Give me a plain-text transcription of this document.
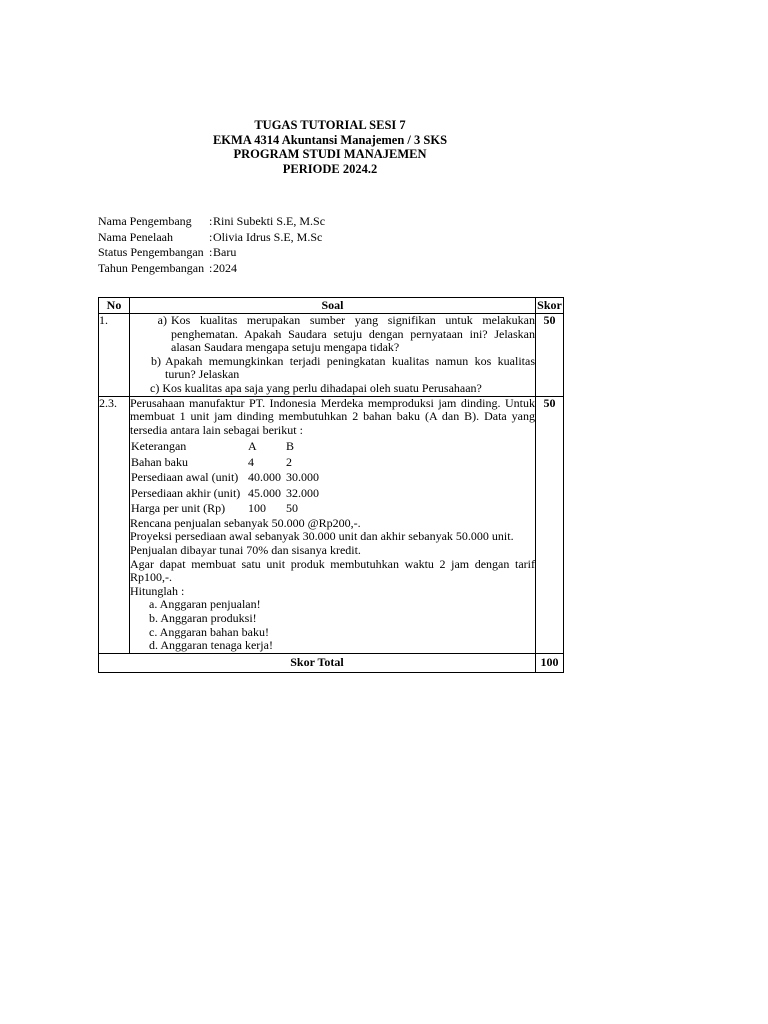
TUGAS TUTORIAL SESI 7
EKMA 4314 Akuntansi Manajemen / 3 SKS
PROGRAM STUDI MANAJEMEN
PERIODE 2024.2
Nama Pengembang	: Rini Subekti S.E, M.Sc
Nama Penelaah	: Olivia Idrus S.E, M.Sc
Status Pengembangan : Baru
Tahun Pengembangan : 2024
No	Soal	Skor
1.	a) Kos kualitas merupakan sumber yang signifikan untuk melakukan penghematan. Apakah Saudara setuju dengan pernyataan ini? Jelaskan alasan Saudara mengapa setuju mengapa tidak?
b) Apakah memungkinkan terjadi peningkatan kualitas namun kos kualitas turun? Jelaskan
c) Kos kualitas apa saja yang perlu dihadapai oleh suatu Perusahaan?
	50
2.3.	Perusahaan manufaktur PT. Indonesia Merdeka memproduksi jam dinding. Untuk membuat 1 unit jam dinding membutuhkan 2 bahan baku (A dan B). Data yang tersedia antara lain sebagai berikut :
Keterangan	A	B
Bahan baku	4	2
Persediaan awal (unit)	40.000	30.000
Persediaan akhir (unit)	45.000	32.000
Harga per unit (Rp)	100	50
Rencana penjualan sebanyak 50.000 @Rp200,-.
Proyeksi persediaan awal sebanyak 30.000 unit dan akhir sebanyak 50.000 unit.
Penjualan dibayar tunai 70% dan sisanya kredit.
Agar dapat membuat satu unit produk membutuhkan waktu 2 jam dengan tarif Rp100,-.
Hitunglah :
a. Anggaran penjualan!
b. Anggaran produksi!
c. Anggaran bahan baku!
d. Anggaran tenaga kerja!
	50
Skor Total	100
